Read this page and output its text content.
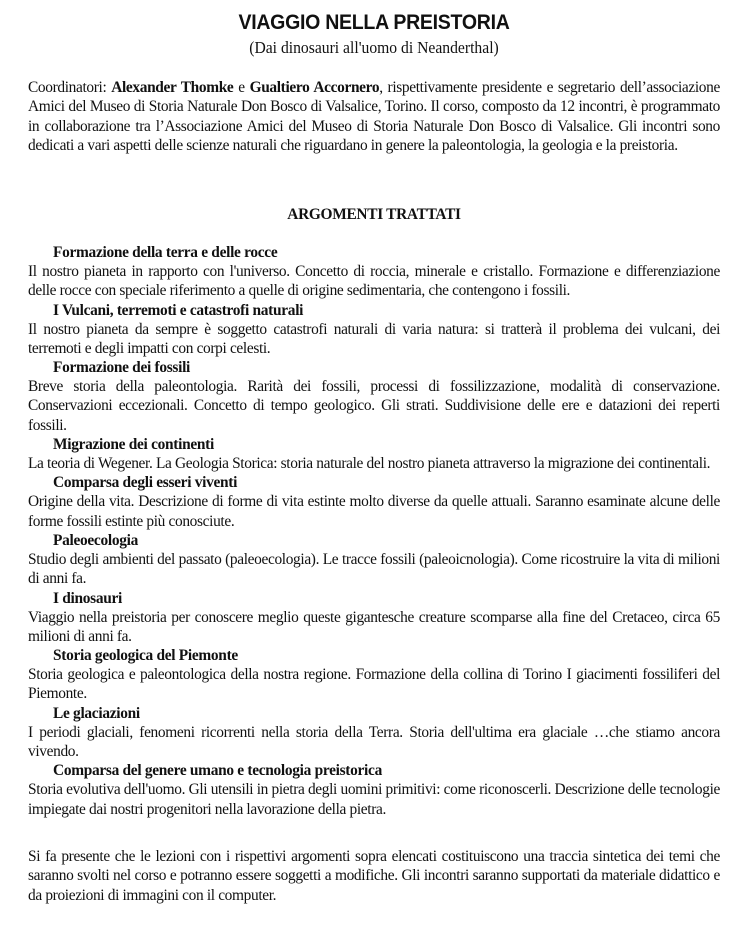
VIAGGIO NELLA PREISTORIA
(Dai dinosauri all'uomo di Neanderthal)

Coordinatori: Alexander Thomke e Gualtiero Accornero, rispettivamente presidente e segretario dell’associazione Amici del Museo di Storia Naturale Don Bosco di Valsalice, Torino. Il corso, composto da 12 incontri, è programmato in collaborazione tra l’Associazione Amici del Museo di Storia Naturale Don Bosco di Valsalice. Gli incontri sono dedicati a vari aspetti delle scienze naturali che riguardano in genere la paleontologia, la geologia e la preistoria.

ARGOMENTI TRATTATI

Formazione della terra e delle rocce

Il nostro pianeta in rapporto con l'universo. Concetto di roccia, minerale e cristallo. Formazione e differenziazione delle rocce con speciale riferimento a quelle di origine sedimentaria, che contengono i fossili.

I Vulcani, terremoti e catastrofi naturali

Il nostro pianeta da sempre è soggetto catastrofi naturali di varia natura: si tratterà il problema dei vulcani, dei terremoti e degli impatti con corpi celesti.

Formazione dei fossili

Breve storia della paleontologia. Rarità dei fossili, processi di fossilizzazione, modalità di conservazione. Conservazioni eccezionali. Concetto di tempo geologico. Gli strati. Suddivisione delle ere e datazioni dei reperti fossili.

Migrazione dei continenti

La teoria di Wegener. La Geologia Storica: storia naturale del nostro pianeta attraverso la migrazione dei continentali.

Comparsa degli esseri viventi

Origine della vita. Descrizione di forme di vita estinte molto diverse da quelle attuali. Saranno esaminate alcune delle forme fossili estinte più conosciute.

Paleoecologia

Studio degli ambienti del passato (paleoecologia). Le tracce fossili (paleoicnologia). Come ricostruire la vita di milioni di anni fa.

I dinosauri

Viaggio nella preistoria per conoscere meglio queste gigantesche creature scomparse alla fine del Cretaceo, circa 65 milioni di anni fa.

Storia geologica del Piemonte

Storia geologica e paleontologica della nostra regione. Formazione della collina di Torino I giacimenti fossiliferi del Piemonte.

Le glaciazioni

I periodi glaciali, fenomeni ricorrenti nella storia della Terra. Storia dell'ultima era glaciale …che stiamo ancora vivendo.

Comparsa del genere umano e tecnologia preistorica

Storia evolutiva dell'uomo. Gli utensili in pietra degli uomini primitivi: come riconoscerli. Descrizione delle tecnologie impiegate dai nostri progenitori nella lavorazione della pietra.

Si fa presente che le lezioni con i rispettivi argomenti sopra elencati costituiscono una traccia sintetica dei temi che saranno svolti nel corso e potranno essere soggetti a modifiche. Gli incontri saranno supportati da materiale didattico e da proiezioni di immagini con il computer.
